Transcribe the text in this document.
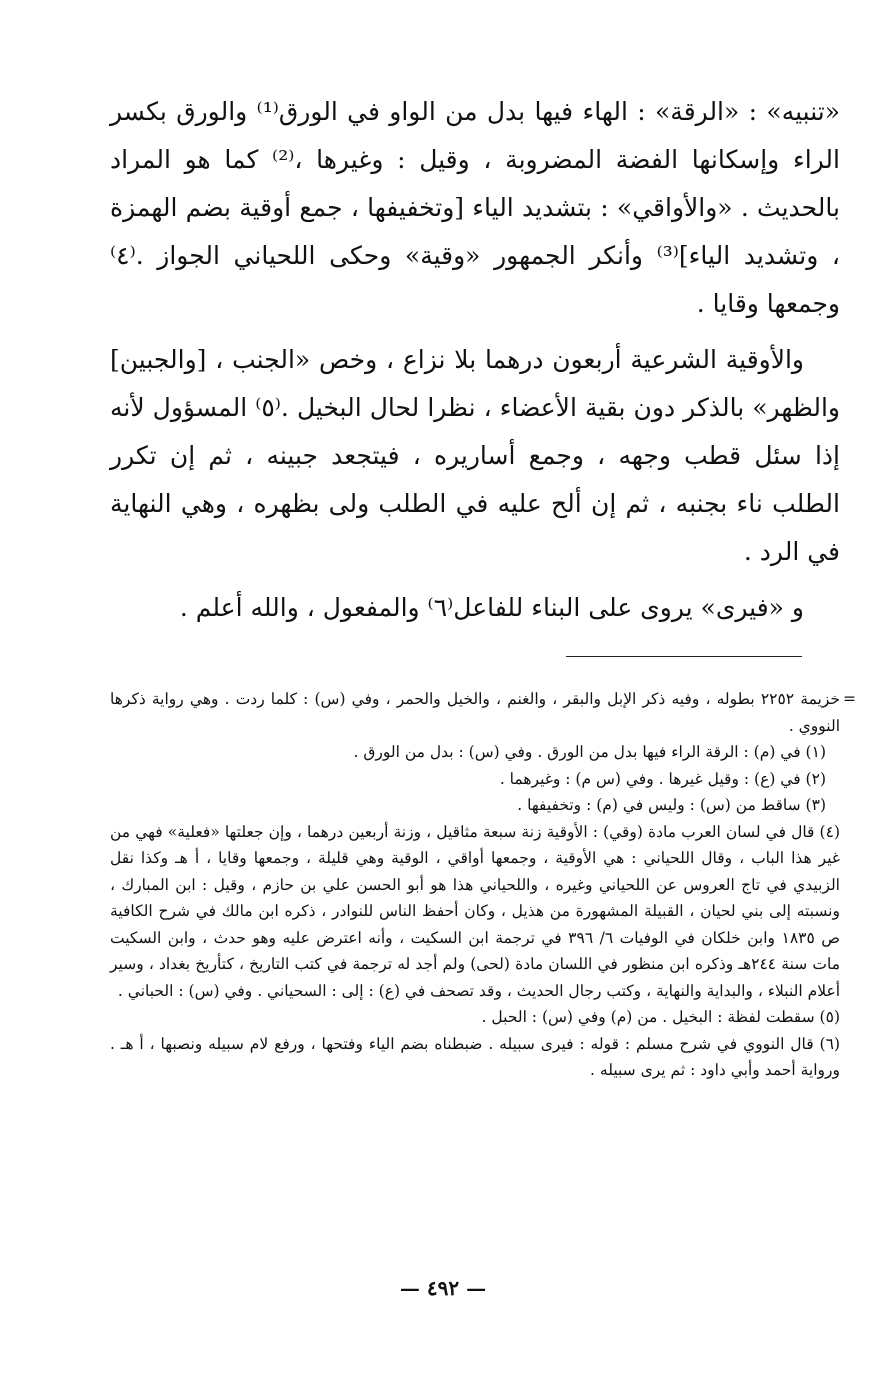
«تنبيه» : «الرقة» : الهاء فيها بدل من الواو في الورق⁽¹⁾ والورق بكسر الراء وإسكانها الفضة المضروبة ، وقيل : وغيرها ،⁽²⁾ كما هو المراد بالحديث . «والأواقي» : بتشديد الياء [وتخفيفها ، جمع أوقية بضم الهمزة ، وتشديد الياء]⁽³⁾ وأنكر الجمهور «وقية» وحكى اللحياني الجواز .⁽٤⁾ وجمعها وقايا .

والأوقية الشرعية أربعون درهما بلا نزاع ، وخص «الجنب ، [والجبين] والظهر» بالذكر دون بقية الأعضاء ، نظرا لحال البخيل .⁽٥⁾ المسؤول لأنه إذا سئل قطب وجهه ، وجمع أساريره ، فيتجعد جبينه ، ثم إن تكرر الطلب ناء بجنبه ، ثم إن ألح عليه في الطلب ولى بظهره ، وهي النهاية في الرد .

و «فيرى» يروى على البناء للفاعل⁽٦⁾ والمفعول ، والله أعلم .

=
خزيمة ٢٢٥٢ بطوله ، وفيه ذكر الإبل والبقر ، والغنم ، والخيل والحمر ، وفي (س) : كلما ردت . وهي رواية ذكرها النووي .

(١) في (م) : الرقة الراء فيها بدل من الورق . وفي (س) : بدل من الورق .

(٢) في (ع) : وقيل غيرها . وفي (س م) : وغيرهما .

(٣) ساقط من (س) : وليس في (م) : وتخفيفها .

(٤) قال في لسان العرب مادة (وقي) : الأوقية زنة سبعة مثاقيل ، وزنة أربعين درهما ، وإن جعلتها «فعلية» فهي من غير هذا الباب ، وقال اللحياني : هي الأوقية ، وجمعها أواقي ، الوقية وهي قليلة ، وجمعها وقايا ، أ هـ وكذا نقل الزبيدي في تاج العروس عن اللحياني وغيره ، واللحياني هذا هو أبو الحسن علي بن حازم ، وقيل : ابن المبارك ، ونسبته إلى بني لحيان ، القبيلة المشهورة من هذيل ، وكان أحفظ الناس للنوادر ، ذكره ابن مالك في شرح الكافية ص ١٨٣٥ وابن خلكان في الوفيات ٦/ ٣٩٦ في ترجمة ابن السكيت ، وأنه اعترض عليه وهو حدث ، وابن السكيت مات سنة ٢٤٤هـ وذكره ابن منظور في اللسان مادة (لحى) ولم أجد له ترجمة في كتب التاريخ ، كتأريخ بغداد ، وسير أعلام النبلاء ، والبداية والنهاية ، وكتب رجال الحديث ، وقد تصحف في (ع) : إلى : السحياني . وفي (س) : الحباني .

(٥) سقطت لفظة : البخيل . من (م) وفي (س) : الحبل .

(٦) قال النووي في شرح مسلم : قوله : فيرى سبيله . ضبطناه بضم الياء وفتحها ، ورفع لام سبيله ونصبها ، أ هـ . ورواية أحمد وأبي داود : ثم يرى سبيله .

— ٤٩٢ —
